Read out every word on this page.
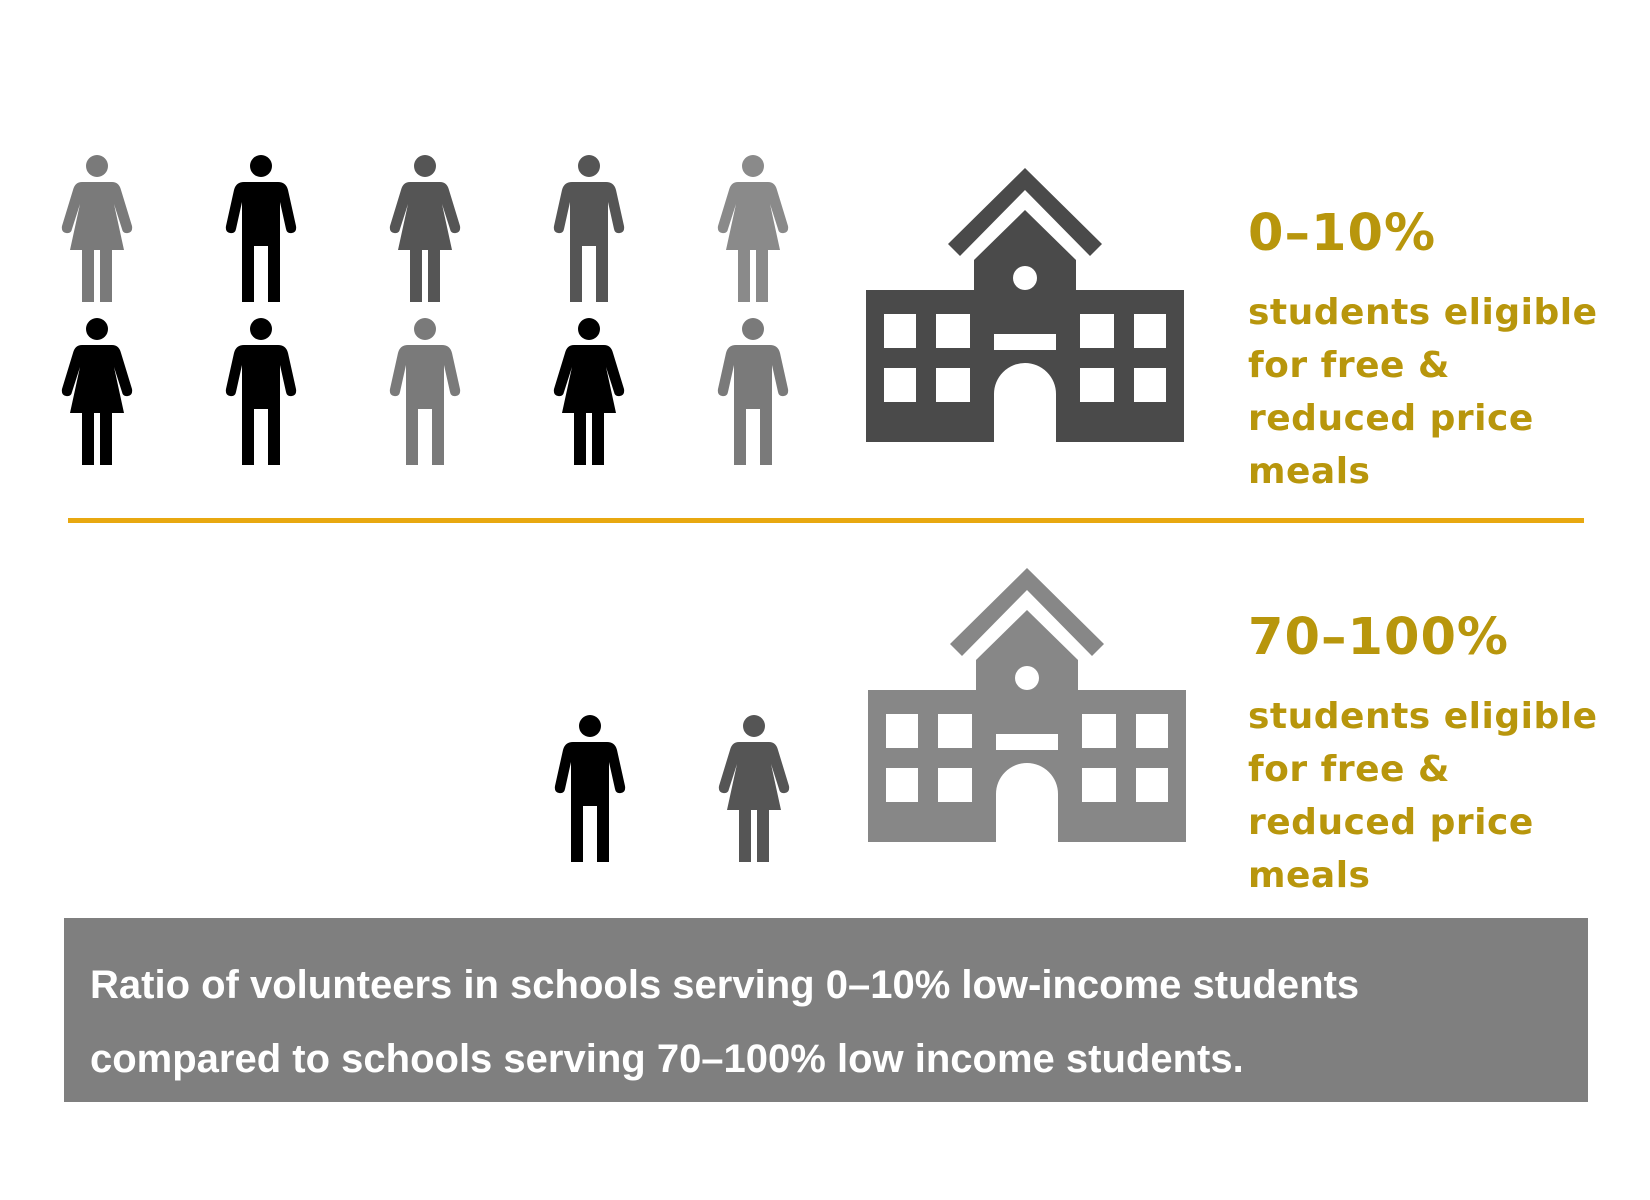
0–10%
students eligible for free & reduced price meals
70–100%
students eligible for free & reduced price meals
Ratio of volunteers in schools serving 0–10% low-income students
compared to schools serving 70–100% low income students.
